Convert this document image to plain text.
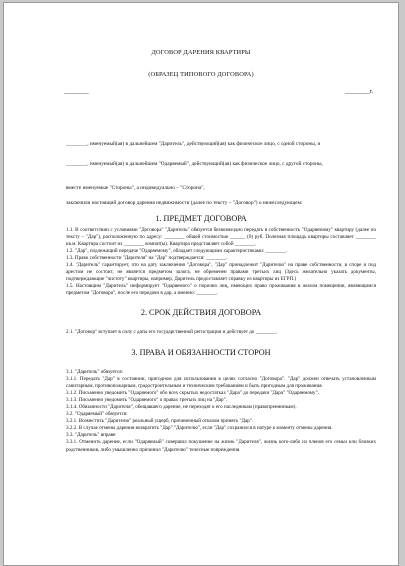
ДОГОВОР ДАРЕНИЯ КВАРТИРЫ
(ОБРАЗЕЦ ТИПОВОГО ДОГОВОРА)
________	________г.
________, именуемый(ая) в дальнейшем "Даритель", действующий(ая) как физическое лицо, с одной стороны, и
________, именуемый(ая) в дальнейшем "Одаряемый", действующий(ая) как физическое лицо, с другой стороны,
вместе именуемые "Стороны", а индивидуально – "Сторона",
заключили настоящий договор дарения недвижимости (далее по тексту – "Договор") о нижеследующем:
1. ПРЕДМЕТ ДОГОВОРА

1.1. В соответствии с условиями "Договора" "Даритель" обязуется безвозмездно передать в собственность "Одаряемому" квартиру (далее по тексту – "Дар"), расположенную по адресу: ________ общей стоимостью ______ (0) руб. Полезная площадь квартиры составляет ________ кв.м. Квартира состоит из ________ комнат(ы). Квартира представляет собой ________.

1.2. "Дар", подлежащий передаче "Одаряемому", обладает следующими характеристиками: ________.

1.3. Право собственности "Дарителя" на "Дар" подтверждается: ________.

1.4. "Даритель" гарантирует, что на дату заключения "Договора", "Дар" принадлежит "Дарителю" на праве собственности, в споре и под арестом не состоит, не является предметом залога, не обременен правами третьих лиц (Здесь желательно указать документы, подтверждающие "чистоту" квартиры, например, Даритель предоставляет справку из квартиры из ЕГРП.)

1.5. Настоящим "Даритель" информирует "Одаряемого" о порочно лиц, имеющих право проживания в жилом помещении, являющимся предметом "Договора", после его передачи в дар, а именно: ________.

2. СРОК ДЕЙСТВИЯ ДОГОВОРА

2.1. "Договор" вступает в силу с даты его государственной регистрации и действует до ________.

3. ПРАВА И ОБЯЗАННОСТИ СТОРОН

3.1. "Даритель" обязуется:

3.1.1. Передать "Дар" в состоянии, пригодном для использования в целях согласно "Договора". "Дар" должен отвечать установленным санитарным, противопожарным, градостроительным и техническим требованиям и быть пригодным для проживания.

3.1.2. Письменно уведомить "Одаряемого" обо всех скрытых недостатках "Дара" до передачи "Дара" "Одаряемому".

3.1.3. Письменно уведомить "Одаряемого" о правах третьих лиц на "Дар".

3.1.4. Обязанности "Дарителя", обещавшего дарение, не переходят к его наследникам (правопреемникам).

3.2. "Одаряемый" обязуется:

3.2.1. Возместить "Дарителю" реальный ущерб, причиненный отказом принять "Дар".

3.2.2. В случае отмены дарения возвратить "Дар" "Дарителю", если "Дар" сохранился в натуре к моменту отмены дарения.

3.3. "Даритель" вправе:

3.3.1. Отменить дарение, если "Одаряемый" совершил покушение на жизнь "Дарителя", жизнь кого-либо из членов его семьи или близких родственников, либо умышленно причинил "Дарителю" телесные повреждения.
